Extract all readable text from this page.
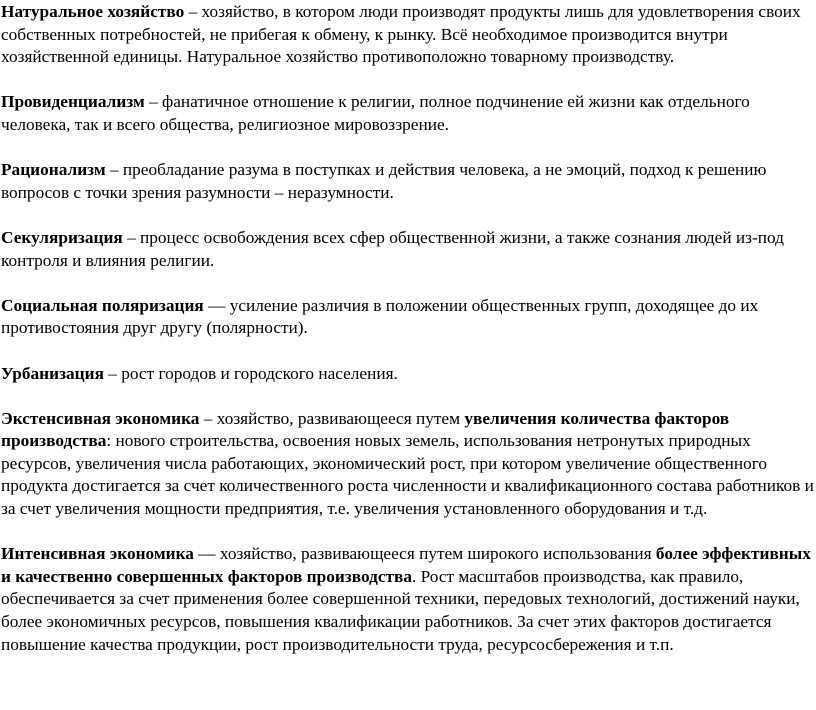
Натуральное хозяйство – хозяйство, в котором люди производят продукты лишь для удовлетворения своих собственных потребностей, не прибегая к обмену, к рынку. Всё необходимое производится внутри хозяйственной единицы. Натуральное хозяйство противоположно товарному производству.

Провиденциализм – фанатичное отношение к религии, полное подчинение ей жизни как отдельного человека, так и всего общества, религиозное мировоззрение.

Рационализм – преобладание разума в поступках и действия человека, а не эмоций, подход к решению вопросов с точки зрения разумности – неразумности.

Секуляризация – процесс освобождения всех сфер общественной жизни, а также сознания людей из-под контроля и влияния религии.

Социальная поляризация — усиление различия в положении общественных групп, доходящее до их противостояния друг другу (полярности).

Урбанизация – рост городов и городского населения.

Экстенсивная экономика – хозяйство, развивающееся путем увеличения количества факторов производства: нового строительства, освоения новых земель, использования нетронутых природных ресурсов, увеличения числа работающих, экономический рост, при котором увеличение общественного продукта достигается за счет количественного роста численности и квалификационного состава работников и за счет увеличения мощности предприятия, т.е. увеличения установленного оборудования и т.д.

Интенсивная экономика — хозяйство, развивающееся путем широкого использования более эффективных и качественно совершенных факторов производства. Рост масштабов производства, как правило, обеспечивается за счет применения более совершенной техники, передовых технологий, достижений науки, более экономичных ресурсов, повышения квалификации работников. За счет этих факторов достигается повышение качества продукции, рост производительности труда, ресурсосбережения и т.п.
